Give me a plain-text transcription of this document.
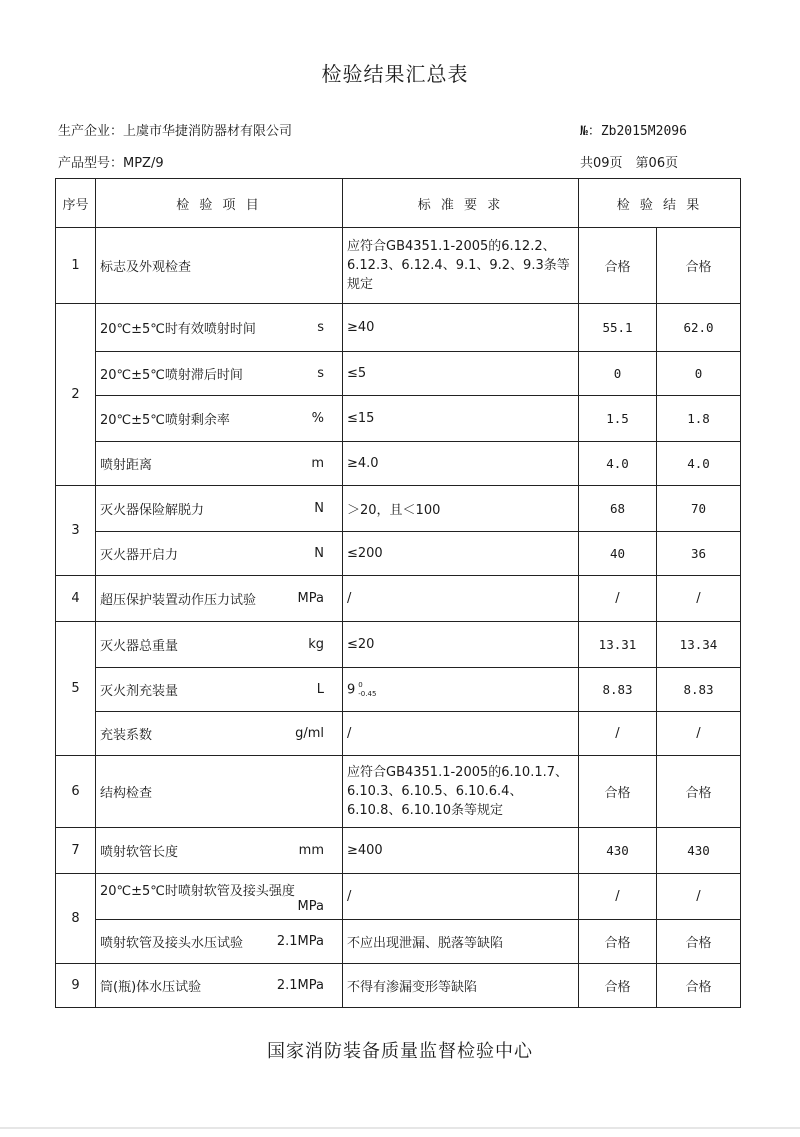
检验结果汇总表
生产企业：上虞市华捷消防器材有限公司	№：Zb2015M2096
产品型号：MPZ/9	共09页　第06页
序号	检 验 项 目	标 准 要 求	检 验 结 果	
1	标志及外观检查	应符合GB4351.1-2005的6.12.2、6.12.3、6.12.4、9.1、9.2、9.3条等规定	合格	合格
2	20℃±5℃时有效喷射时间 s	≥40	55.1	62.0

	20℃±5℃喷射滞后时间 s	≤5	0	0

	20℃±5℃喷射剩余率 %	≤15	1.5	1.8

	喷射距离 m	≥4.0	4.0	4.0
3	灭火器保险解脱力 N	＞20，且＜100	68	70

	灭火器开启力 N	≤200	40	36
4	超压保护装置动作压力试验 MPa	/	/	/
5	灭火器总重量 kg	≤20	13.31	13.34

	灭火剂充装量 L	9 0
-0.45	8.83	8.83

	充装系数 g/ml	/	/	/
6	结构检查	应符合GB4351.1-2005的6.10.1.7、6.10.3、6.10.5、6.10.6.4、6.10.8、6.10.10条等规定	合格	合格
7	喷射软管长度 mm	≥400	430	430
8	20℃±5℃时喷射软管及接头强度
MPa	/	/	/

	喷射软管及接头水压试验 2.1MPa	不应出现泄漏、脱落等缺陷	合格	合格
9	筒(瓶)体水压试验 2.1MPa	不得有渗漏变形等缺陷	合格	合格
国家消防装备质量监督检验中心
